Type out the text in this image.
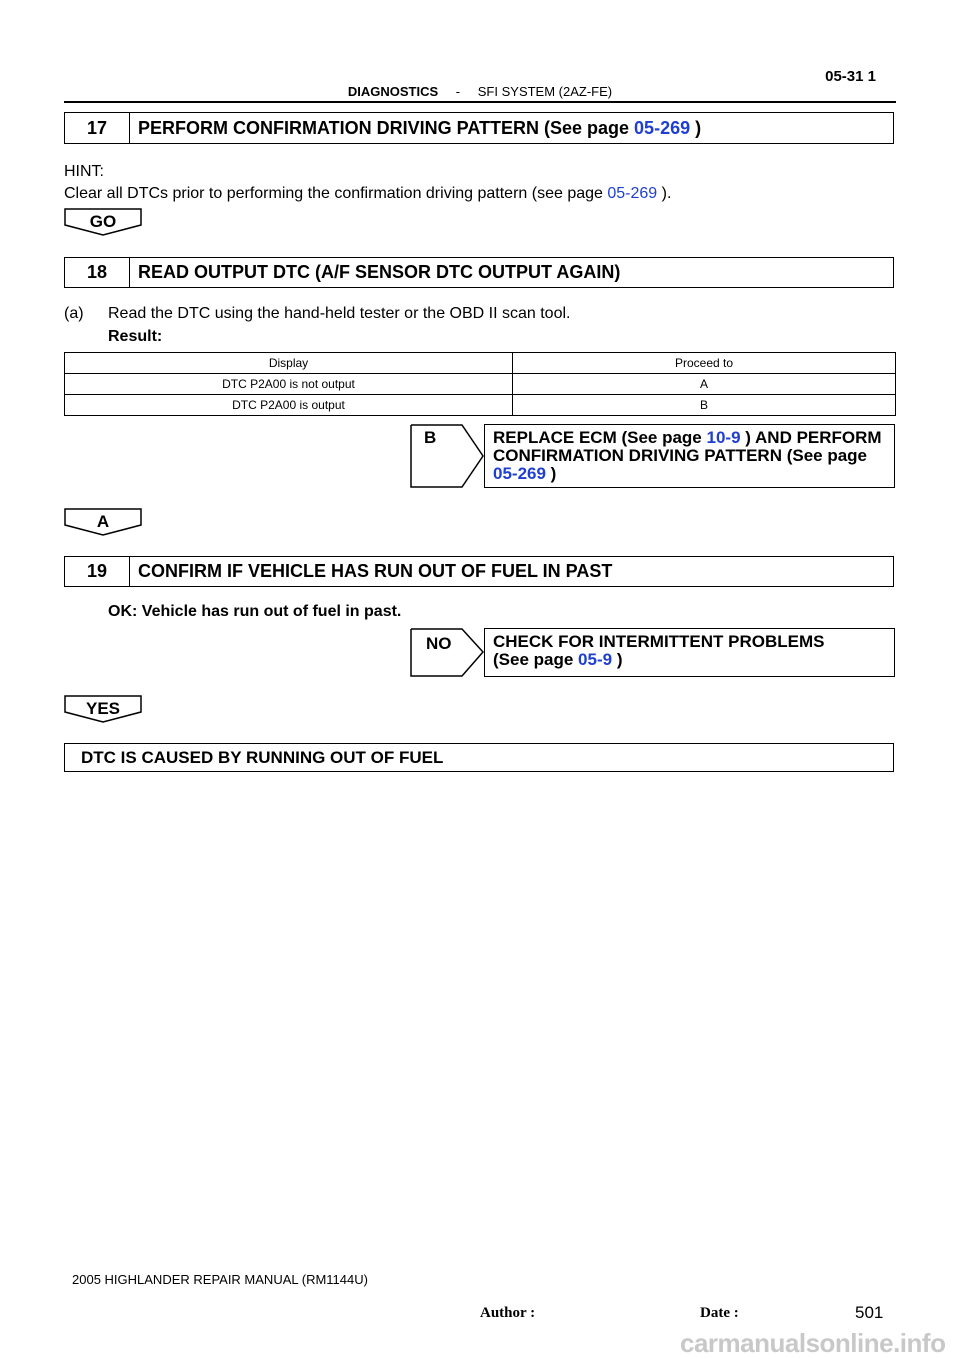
05-31 1
DIAGNOSTICS - SFI SYSTEM (2AZ-FE)
17	PERFORM CONFIRMATION DRIVING PATTERN (See page 05-269 )
HINT:
Clear all DTCs prior to performing the confirmation driving pattern (see page 05-269 ).
GO
18	READ OUTPUT DTC (A/F SENSOR DTC OUTPUT AGAIN)
(a) Read the DTC using the hand-held tester or the OBD II scan tool.
Result:
Display	Proceed to
DTC P2A00 is not output	A
DTC P2A00 is output	B
B	REPLACE ECM (See page 10-9 ) AND PERFORM
CONFIRMATION DRIVING PATTERN (See page
05-269 )
A
19	CONFIRM IF VEHICLE HAS RUN OUT OF FUEL IN PAST
OK: Vehicle has run out of fuel in past.
NO CHECK FOR INTERMITTENT PROBLEMS
(See page 05-9 )
YES
DTC IS CAUSED BY RUNNING OUT OF FUEL
2005 HIGHLANDER REPAIR MANUAL (RM1144U)
Author :	Date :	501
carmanualsonline.info
